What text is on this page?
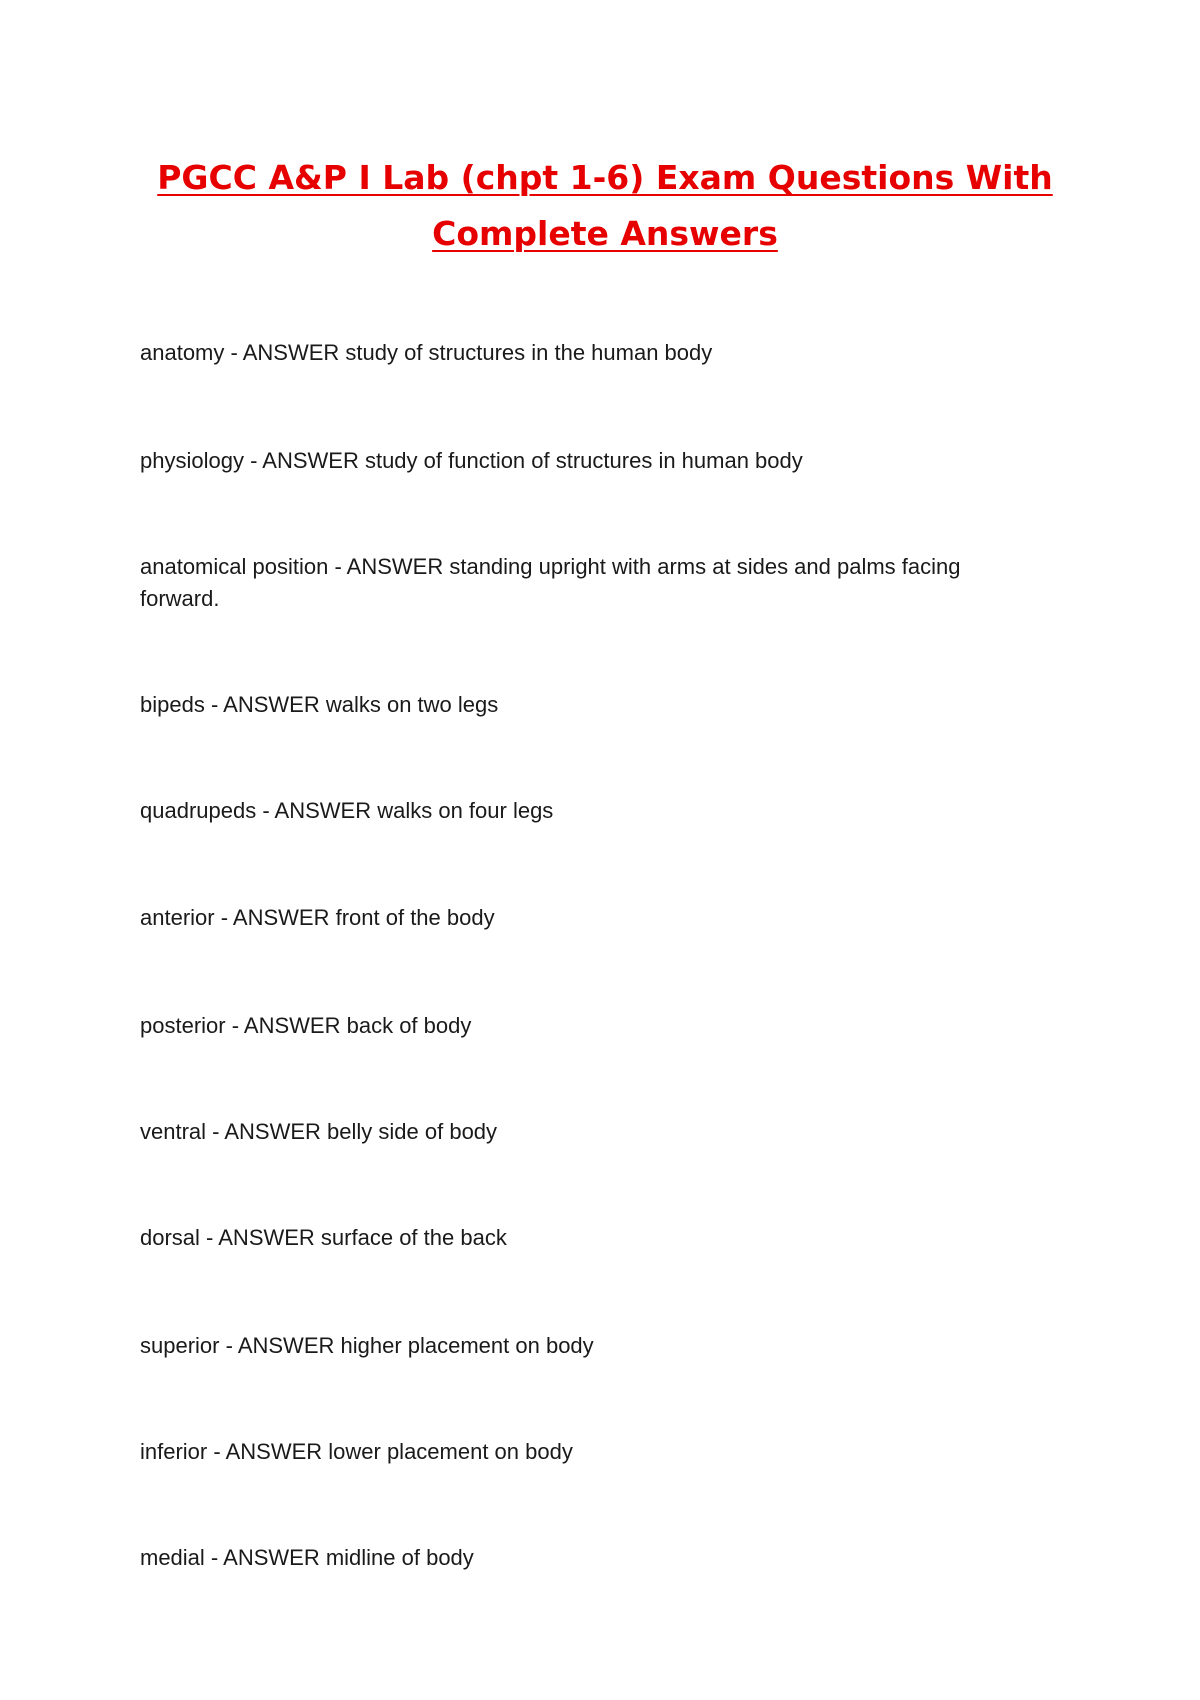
PGCC A&P I Lab (chpt 1-6) Exam Questions With
Complete Answers
anatomy - ANSWER study of structures in the human body
physiology - ANSWER study of function of structures in human body
anatomical position - ANSWER standing upright with arms at sides and palms facing forward.
bipeds - ANSWER walks on two legs
quadrupeds - ANSWER walks on four legs
anterior - ANSWER front of the body
posterior - ANSWER back of body
ventral - ANSWER belly side of body
dorsal - ANSWER surface of the back
superior - ANSWER higher placement on body
inferior - ANSWER lower placement on body
medial - ANSWER midline of body
